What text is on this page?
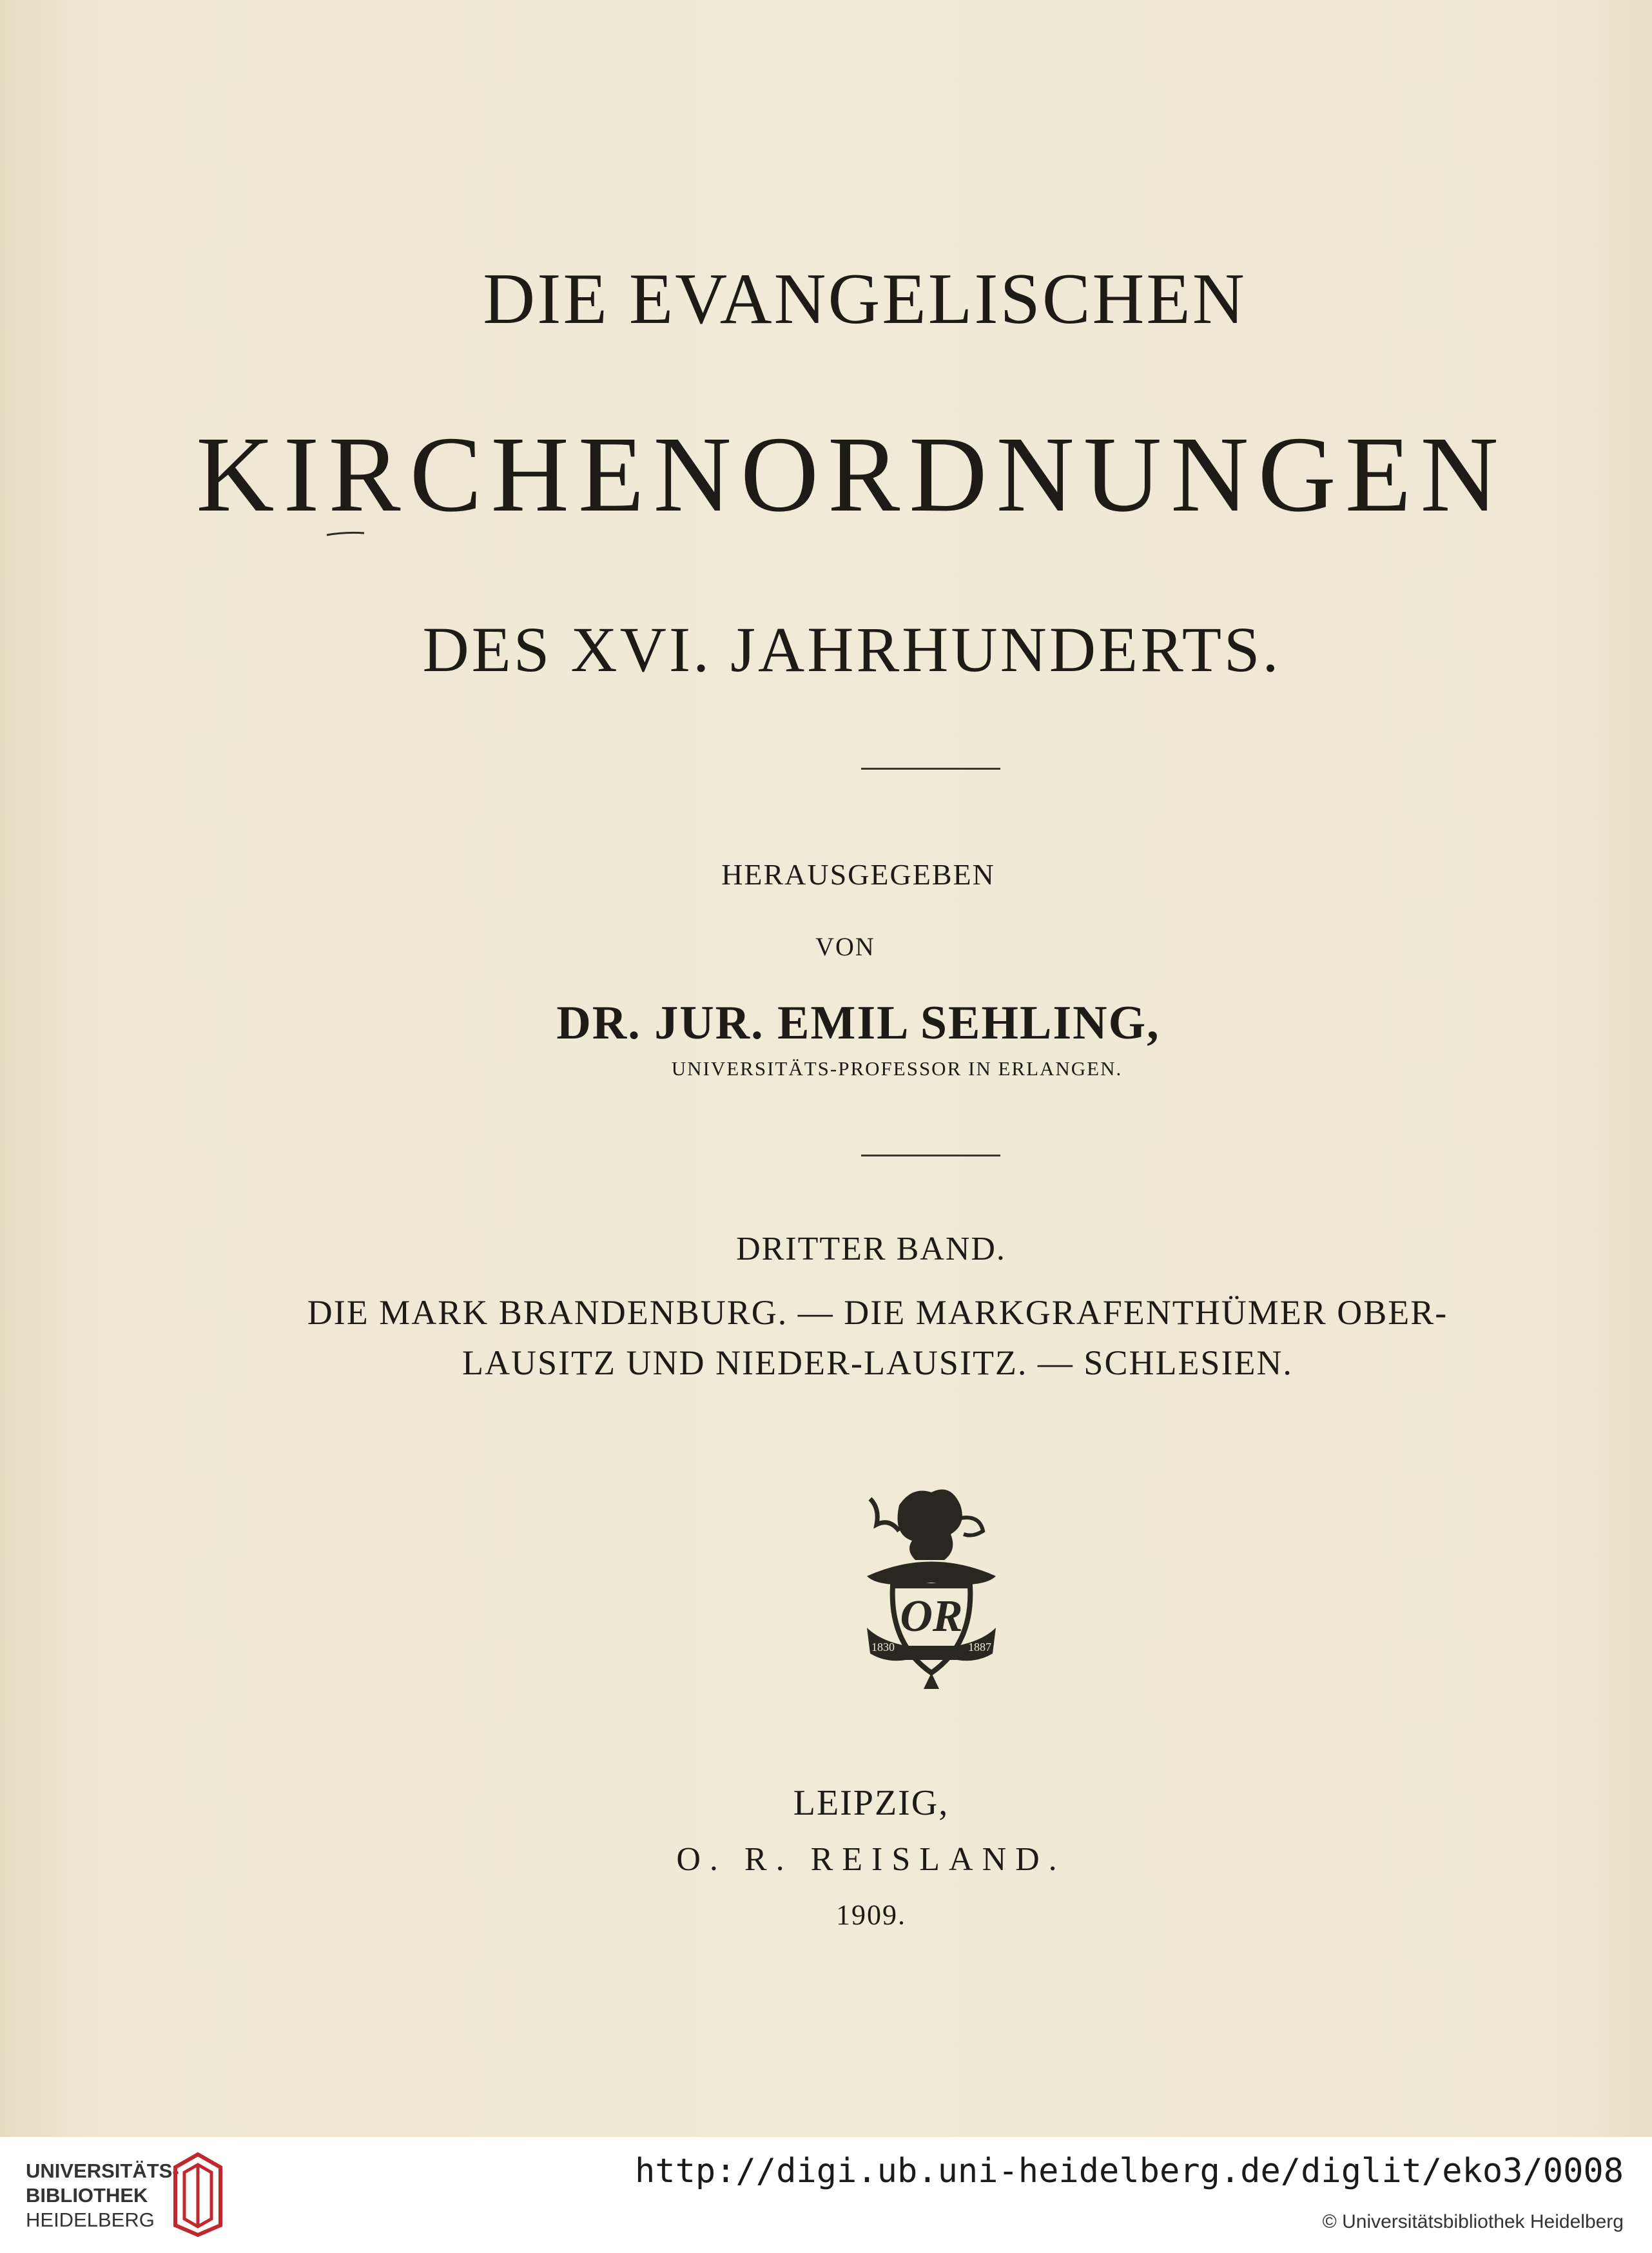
DIE EVANGELISCHEN
KIRCHENORDNUNGEN
DES XVI. JAHRHUNDERTS.
HERAUSGEGEBEN
VON
DR. JUR. EMIL SEHLING,
UNIVERSITÄTS-PROFESSOR IN ERLANGEN.
DRITTER BAND.
DIE MARK BRANDENBURG. — DIE MARKGRAFENTHÜMER OBER-
LAUSITZ UND NIEDER-LAUSITZ. — SCHLESIEN.
OR
1830	1887
LEIPZIG,
O. R. REISLAND.
1909.
UNIVERSITÄTS-
BIBLIOTHEK
HEIDELBERG
http://digi.ub.uni-heidelberg.de/diglit/eko3/0008
© Universitätsbibliothek Heidelberg
